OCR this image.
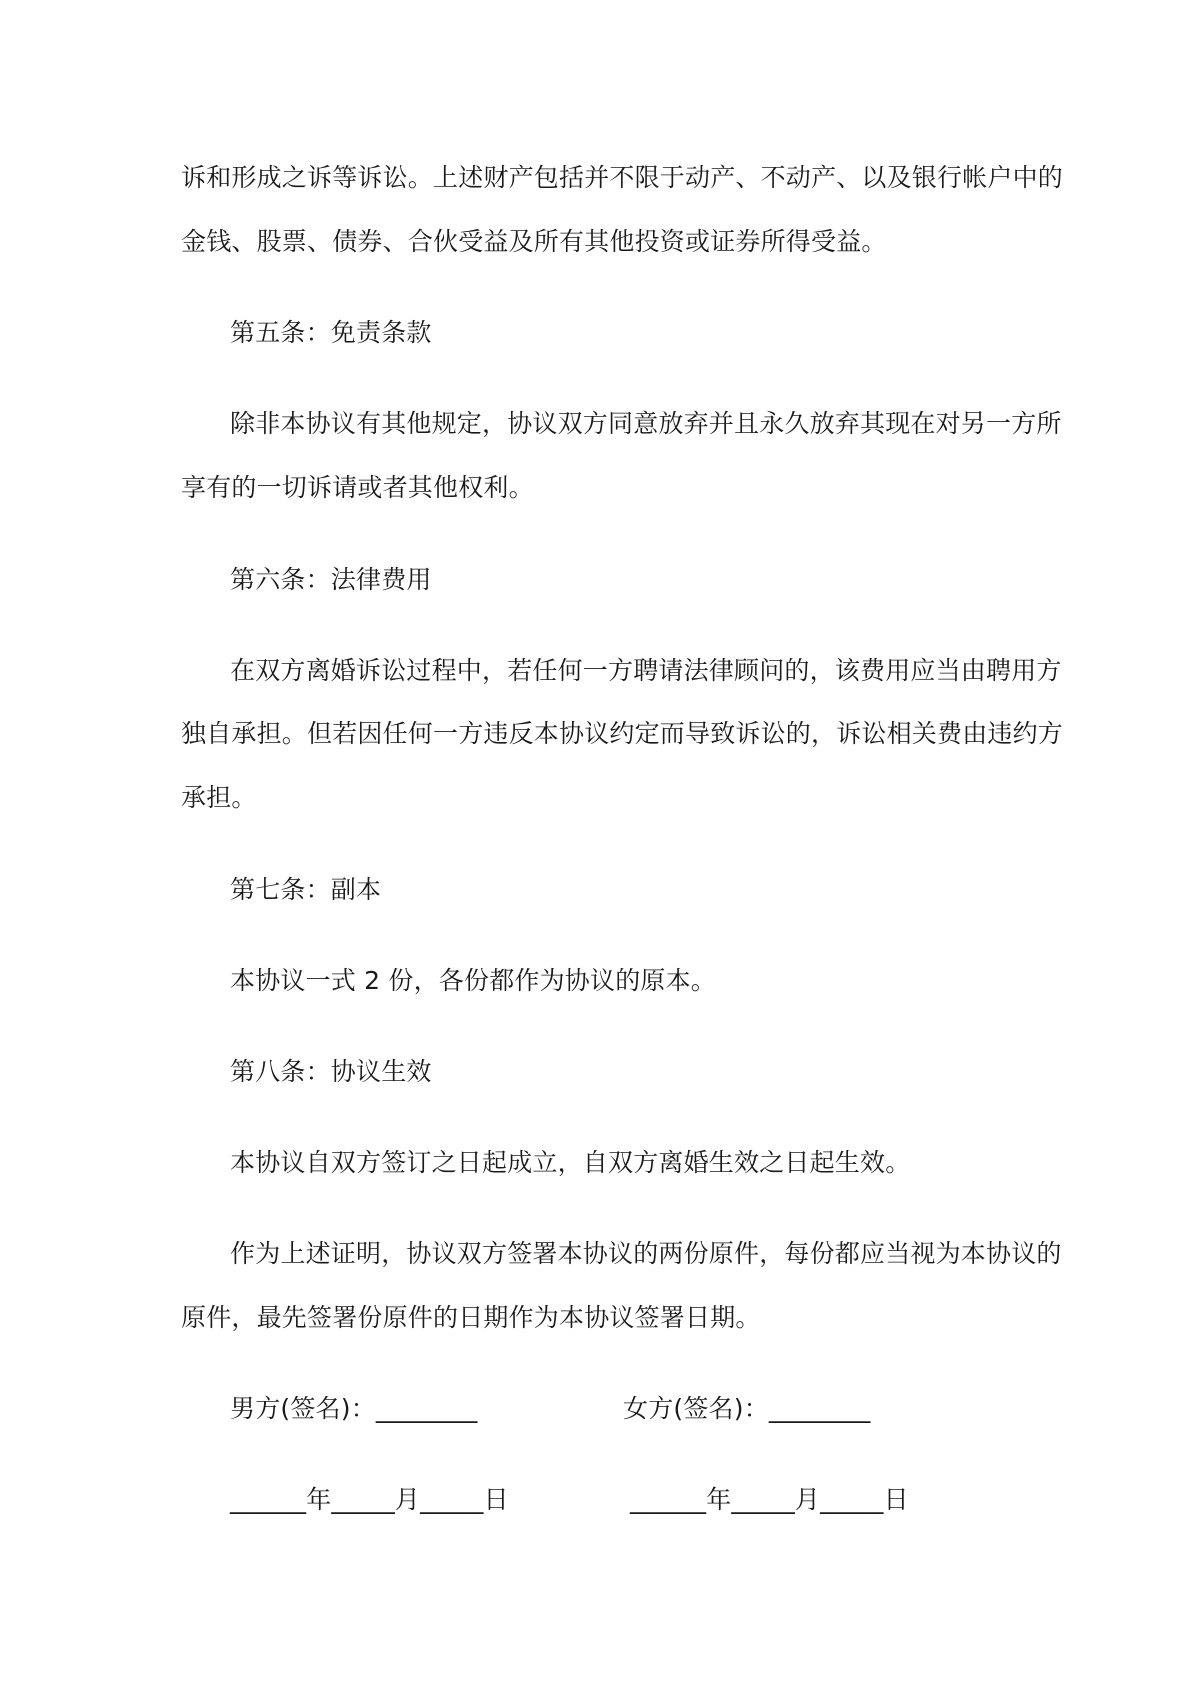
诉和形成之诉等诉讼。上述财产包括并不限于动产、不动产、以及银行帐户中的
金钱、股票、债券、合伙受益及所有其他投资或证券所得受益。
第五条：免责条款
除非本协议有其他规定，协议双方同意放弃并且永久放弃其现在对另一方所
享有的一切诉请或者其他权利。
第六条：法律费用
在双方离婚诉讼过程中，若任何一方聘请法律顾问的，该费用应当由聘用方
独自承担。但若因任何一方违反本协议约定而导致诉讼的，诉讼相关费由违约方
承担。
第七条：副本
本协议一式 2 份，各份都作为协议的原本。
第八条：协议生效
本协议自双方签订之日起成立，自双方离婚生效之日起生效。
作为上述证明，协议双方签署本协议的两份原件，每份都应当视为本协议的
原件，最先签署份原件的日期作为本协议签署日期。
男方(签名)：________	女方(签名)：________
______年_____月_____日	______年_____月_____日
